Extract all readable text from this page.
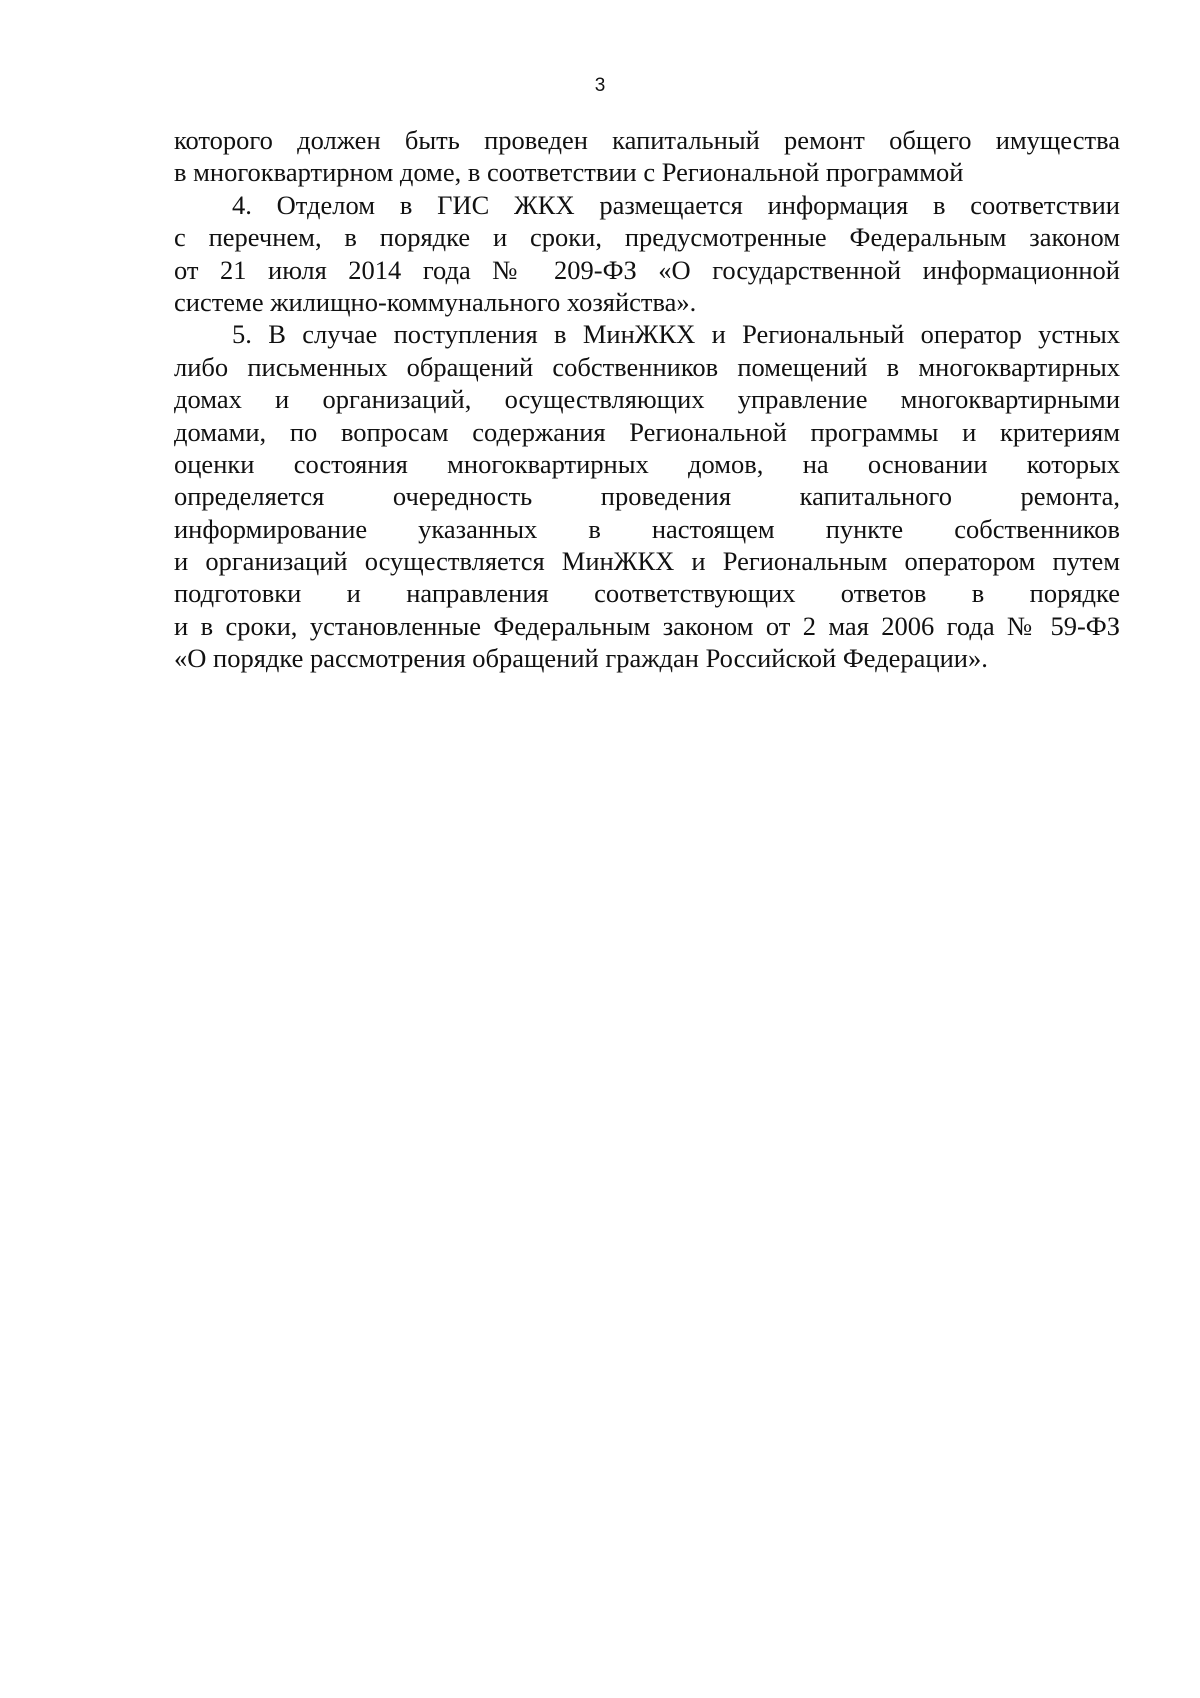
3
которого должен быть проведен капитальный ремонт общего имущества
в многоквартирном доме, в соответствии с Региональной программой
4. Отделом в ГИС ЖКХ размещается информация в соответствии
с перечнем, в порядке и сроки, предусмотренные Федеральным законом
от 21 июля 2014 года № 209-ФЗ «О государственной информационной
системе жилищно-коммунального хозяйства».
5. В случае поступления в МинЖКХ и Региональный оператор устных
либо письменных обращений собственников помещений в многоквартирных
домах и организаций, осуществляющих управление многоквартирными
домами, по вопросам содержания Региональной программы и критериям
оценки состояния многоквартирных домов, на основании которых
определяется очередность проведения капитального ремонта,
информирование указанных в настоящем пункте собственников
и организаций осуществляется МинЖКХ и Региональным оператором путем
подготовки и направления соответствующих ответов в порядке
и в сроки, установленные Федеральным законом от 2 мая 2006 года № 59-ФЗ
«О порядке рассмотрения обращений граждан Российской Федерации».
